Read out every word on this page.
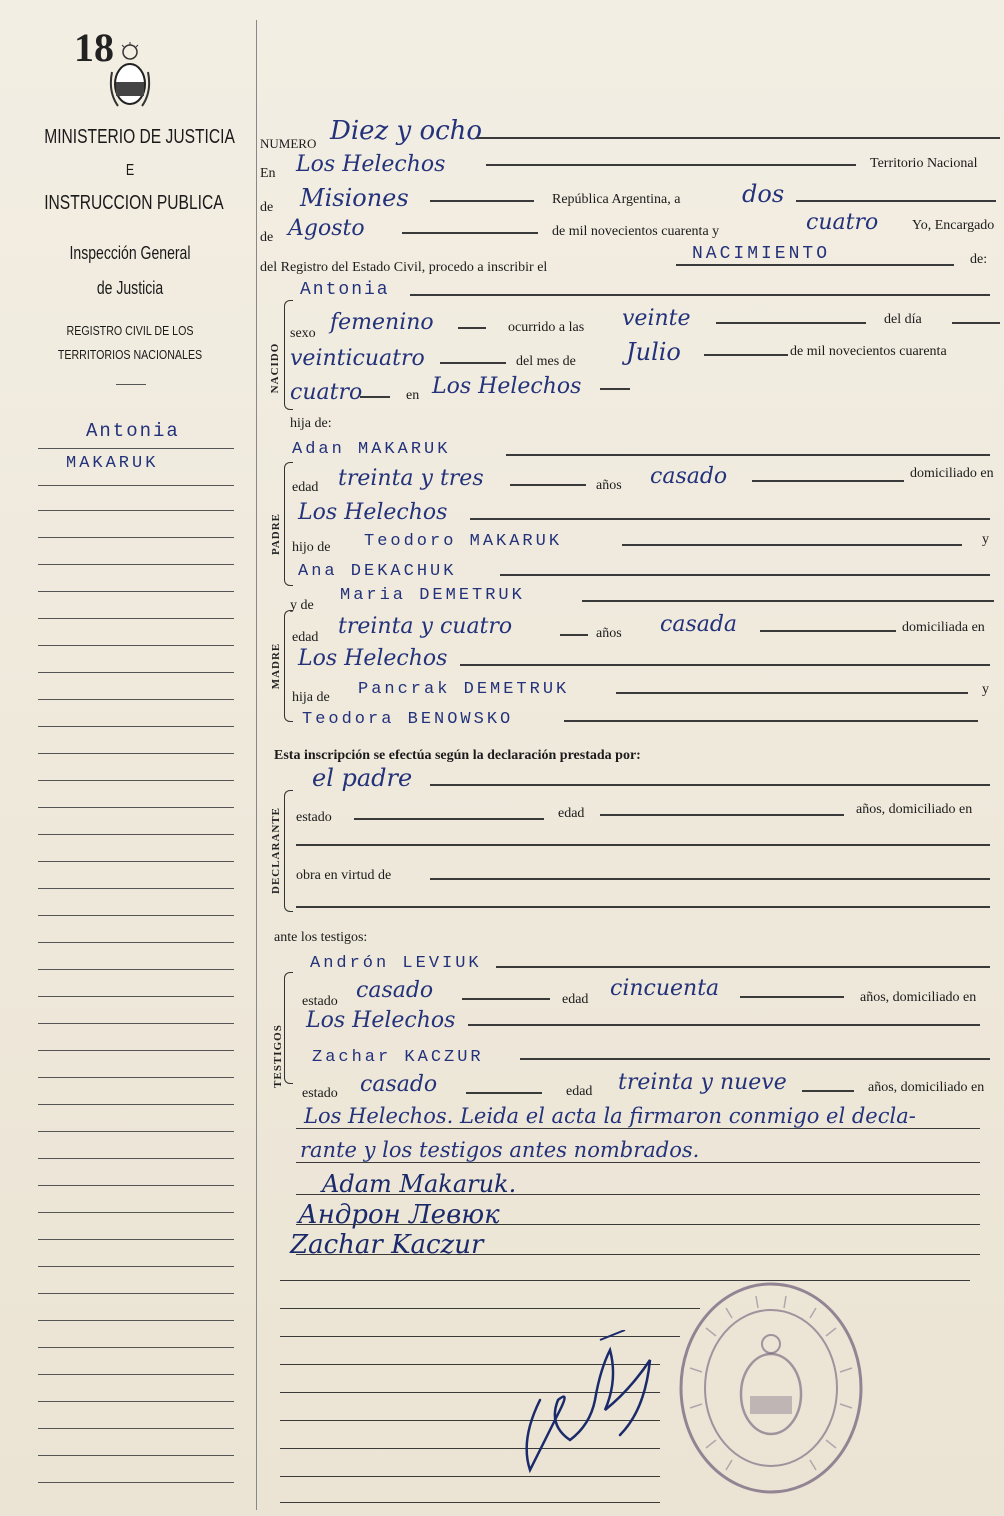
18
MINISTERIO DE JUSTICIA
E
INSTRUCCION PUBLICA
Inspección General
de Justicia
REGISTRO CIVIL DE LOS
TERRITORIOS NACIONALES
Antonia
MAKARUK
NUMERO Diez y ocho
En Los Helechos	Territorio Nacional
de Misiones	República Argentina, a	dos
de Agosto	de mil novecientos cuarenta y	cuatro Yo, Encargado
del Registro del Estado Civil, procedo a inscribir el
NACIMIENTO	de:
Antonia
NACIDO
sexo femenino	ocurrido a las veinte	del día
veinticuatro	del mes de Julio	de mil novecientos cuarenta
cuatro	en Los Helechos
hija de:
Adan MAKARUK
PADRE
edad treinta y tres	años casado	domiciliado en
Los Helechos
hijo de Teodoro MAKARUK	y
Ana DEKACHUK
y de
Maria DEMETRUK
MADRE
edad treinta y cuatro	años casada	domiciliada en
Los Helechos
hija de Pancrak DEMETRUK	y
Teodora BENOWSKO
Esta inscripción se efectúa según la declaración prestada por:
el padre
DECLARANTE estado	edad	años, domiciliado en
obra en virtud de
ante los testigos:
Andrón LEVIUK
TESTIGOS
estado casado	edad cincuenta	años, domiciliado en
Los Helechos
Zachar KACZUR
estado casado	edad treinta y nueve	años, domiciliado en
Los Helechos. Leida el acta la firmaron conmigo el decla-
rante y los testigos antes nombrados.
Adam Makaruk.
Андрон Левюк
Zachar Kaczur
